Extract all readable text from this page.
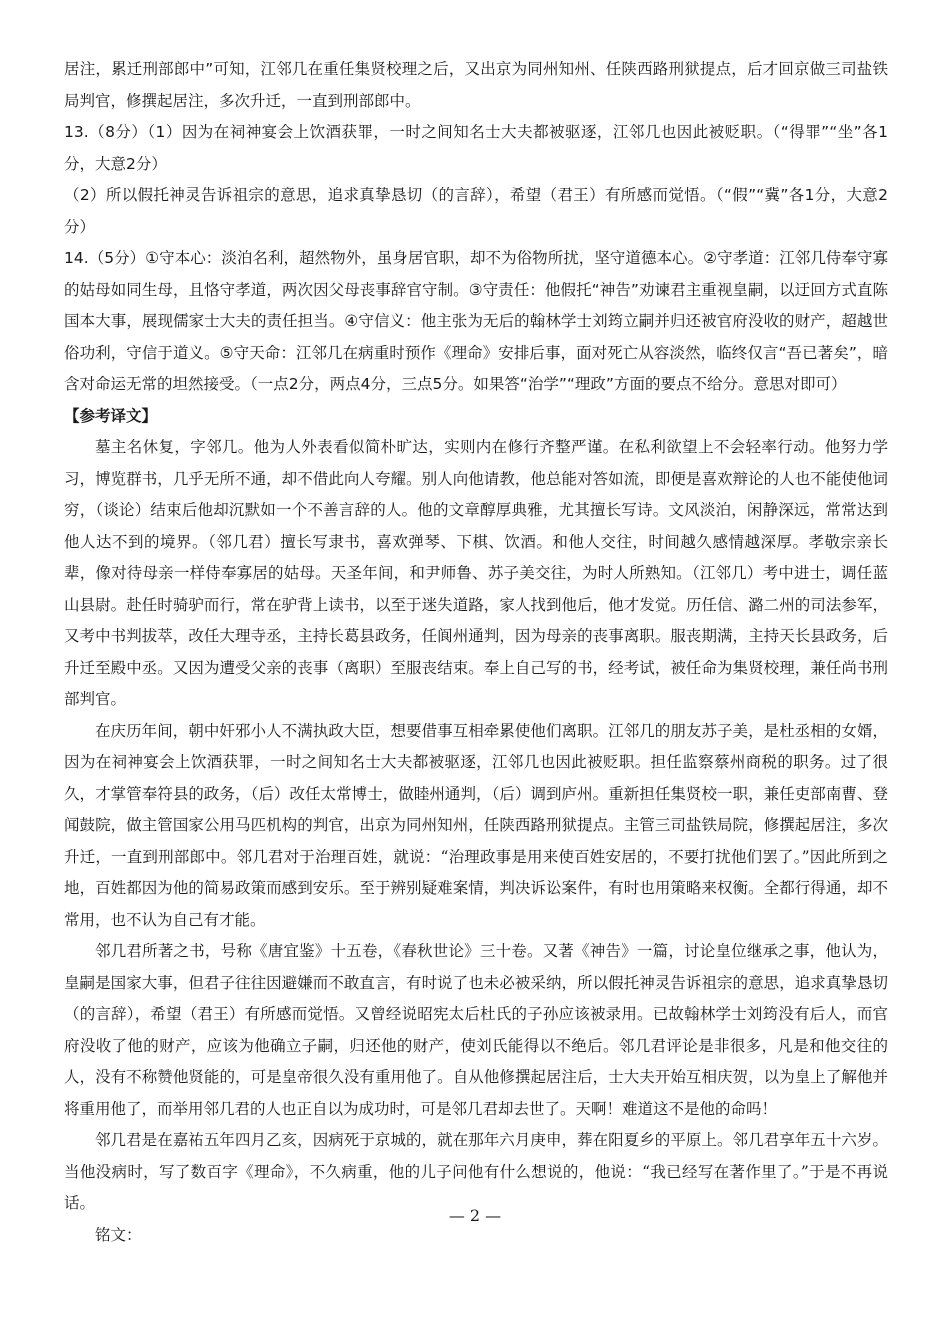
居注，累迁刑部郎中”可知，江邻几在重任集贤校理之后，又出京为同州知州、任陕西路刑狱提点，后才回京做三司盐铁局判官，修撰起居注，多次升迁，一直到刑部郎中。

13.（8分）（1）因为在祠神宴会上饮酒获罪，一时之间知名士大夫都被驱逐，江邻几也因此被贬职。（“得罪”“坐”各1分，大意2分）

（2）所以假托神灵告诉祖宗的意思，追求真挚恳切（的言辞），希望（君王）有所感而觉悟。（“假”“冀”各1分，大意2分）

14.（5分）①守本心：淡泊名利，超然物外，虽身居官职，却不为俗物所扰，坚守道德本心。②守孝道：江邻几侍奉守寡的姑母如同生母，且恪守孝道，两次因父母丧事辞官守制。③守责任：他假托“神告”劝谏君主重视皇嗣，以迂回方式直陈国本大事，展现儒家士大夫的责任担当。④守信义：他主张为无后的翰林学士刘筠立嗣并归还被官府没收的财产，超越世俗功利，守信于道义。⑤守天命：江邻几在病重时预作《理命》安排后事，面对死亡从容淡然，临终仅言“吾已著矣”，暗含对命运无常的坦然接受。（一点2分，两点4分，三点5分。如果答“治学”“理政”方面的要点不给分。意思对即可）

【参考译文】

墓主名休复，字邻几。他为人外表看似简朴旷达，实则内在修行齐整严谨。在私利欲望上不会轻率行动。他努力学习，博览群书，几乎无所不通，却不借此向人夸耀。别人向他请教，他总能对答如流，即便是喜欢辩论的人也不能使他词穷，（谈论）结束后他却沉默如一个不善言辞的人。他的文章醇厚典雅，尤其擅长写诗。文风淡泊，闲静深远，常常达到他人达不到的境界。（邻几君）擅长写隶书，喜欢弹琴、下棋、饮酒。和他人交往，时间越久感情越深厚。孝敬宗亲长辈，像对待母亲一样侍奉寡居的姑母。天圣年间，和尹师鲁、苏子美交往，为时人所熟知。（江邻几）考中进士，调任蓝山县尉。赴任时骑驴而行，常在驴背上读书，以至于迷失道路，家人找到他后，他才发觉。历任信、潞二州的司法参军，又考中书判拔萃，改任大理寺丞，主持长葛县政务，任阆州通判，因为母亲的丧事离职。服丧期满，主持天长县政务，后升迁至殿中丞。又因为遭受父亲的丧事（离职）至服丧结束。奉上自己写的书，经考试，被任命为集贤校理，兼任尚书刑部判官。

在庆历年间，朝中奸邪小人不满执政大臣，想要借事互相牵累使他们离职。江邻几的朋友苏子美，是杜丞相的女婿，因为在祠神宴会上饮酒获罪，一时之间知名士大夫都被驱逐，江邻几也因此被贬职。担任监察蔡州商税的职务。过了很久，才掌管奉符县的政务，（后）改任太常博士，做睦州通判，（后）调到庐州。重新担任集贤校一职，兼任吏部南曹、登闻鼓院，做主管国家公用马匹机构的判官，出京为同州知州，任陕西路刑狱提点。主管三司盐铁局院，修撰起居注，多次升迁，一直到刑部郎中。邻几君对于治理百姓，就说：“治理政事是用来使百姓安居的，不要打扰他们罢了。”因此所到之地，百姓都因为他的简易政策而感到安乐。至于辨别疑难案情，判决诉讼案件，有时也用策略来权衡。全都行得通，却不常用，也不认为自己有才能。

邻几君所著之书，号称《唐宜鉴》十五卷，《春秋世论》三十卷。又著《神告》一篇，讨论皇位继承之事，他认为，皇嗣是国家大事，但君子往往因避嫌而不敢直言，有时说了也未必被采纳，所以假托神灵告诉祖宗的意思，追求真挚恳切（的言辞），希望（君王）有所感而觉悟。又曾经说昭宪太后杜氏的子孙应该被录用。已故翰林学士刘筠没有后人，而官府没收了他的财产，应该为他确立子嗣，归还他的财产，使刘氏能得以不绝后。邻几君评论是非很多，凡是和他交往的人，没有不称赞他贤能的，可是皇帝很久没有重用他了。自从他修撰起居注后，士大夫开始互相庆贺，以为皇上了解他并将重用他了，而举用邻几君的人也正自以为成功时，可是邻几君却去世了。天啊！难道这不是他的命吗！

邻几君是在嘉祐五年四月乙亥，因病死于京城的，就在那年六月庚申，葬在阳夏乡的平原上。邻几君享年五十六岁。当他没病时，写了数百字《理命》，不久病重，他的儿子问他有什么想说的，他说：“我已经写在著作里了。”于是不再说话。

铭文：

— 2 —
